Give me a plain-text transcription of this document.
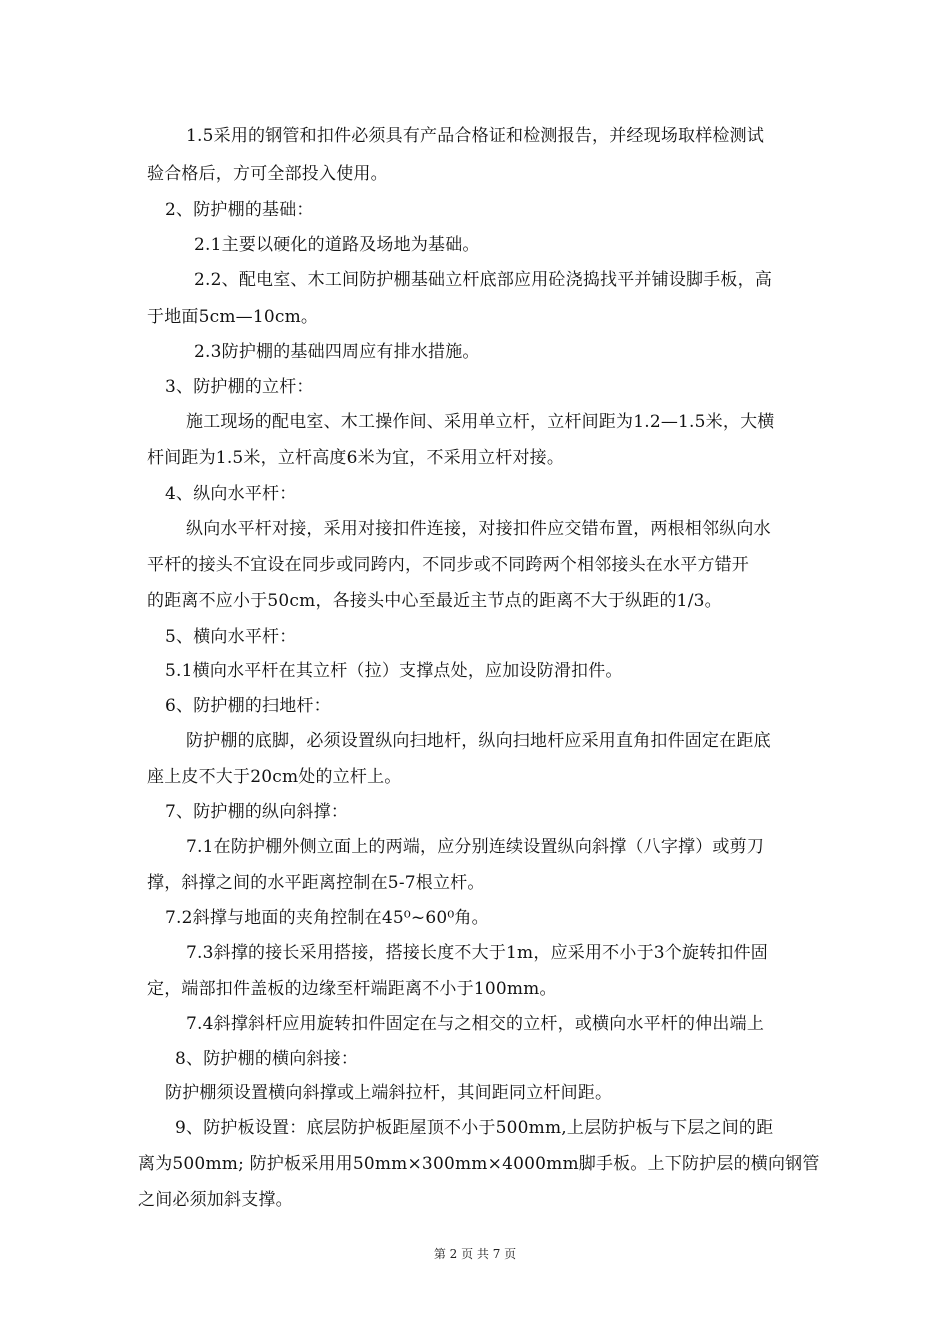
1.5采用的钢管和扣件必须具有产品合格证和检测报告，并经现场取样检测试
验合格后，方可全部投入使用。
2、防护棚的基础：
2.1主要以硬化的道路及场地为基础。
2.2、配电室、木工间防护棚基础立杆底部应用砼浇捣找平并铺设脚手板，高
于地面5cm—10cm。
2.3防护棚的基础四周应有排水措施。
3、防护棚的立杆：
施工现场的配电室、木工操作间、采用单立杆，立杆间距为1.2—1.5米，大横
杆间距为1.5米，立杆高度6米为宜，不采用立杆对接。
4、纵向水平杆：
纵向水平杆对接，采用对接扣件连接，对接扣件应交错布置，两根相邻纵向水
平杆的接头不宜设在同步或同跨内，不同步或不同跨两个相邻接头在水平方错开
的距离不应小于50cm，各接头中心至最近主节点的距离不大于纵距的1/3。
5、横向水平杆：
5.1横向水平杆在其立杆（拉）支撑点处，应加设防滑扣件。
6、防护棚的扫地杆：
防护棚的底脚，必须设置纵向扫地杆，纵向扫地杆应采用直角扣件固定在距底
座上皮不大于20cm处的立杆上。
7、防护棚的纵向斜撑：
7.1在防护棚外侧立面上的两端，应分别连续设置纵向斜撑（八字撑）或剪刀
撑，斜撑之间的水平距离控制在5-7根立杆。
7.2斜撑与地面的夹角控制在45⁰~60⁰角。
7.3斜撑的接长采用搭接，搭接长度不大于1m，应采用不小于3个旋转扣件固
定，端部扣件盖板的边缘至杆端距离不小于100mm。
7.4斜撑斜杆应用旋转扣件固定在与之相交的立杆，或横向水平杆的伸出端上
8、防护棚的横向斜接：
防护棚须设置横向斜撑或上端斜拉杆，其间距同立杆间距。
9、防护板设置：底层防护板距屋顶不小于500mm,上层防护板与下层之间的距
离为500mm; 防护板采用用50mm×300mm×4000mm脚手板。上下防护层的横向钢管
之间必须加斜支撑。
第 2 页 共 7 页
